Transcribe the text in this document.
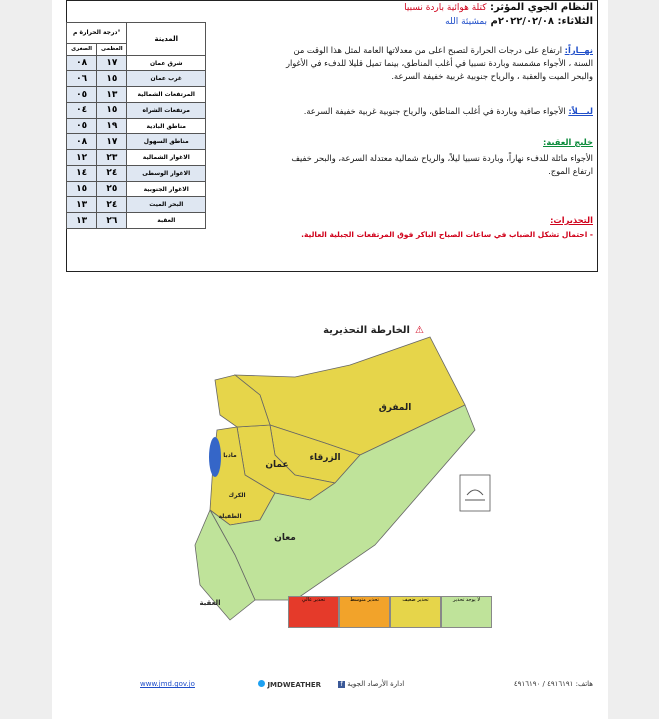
النظام الجوي المؤثر: كتلة هوائية باردة نسبيا
الثلاثاء: ٢٠٢٢/٠٢/٠٨م بمشيئة الله
درجة الحرارة م°		المدينة
الصغرى	العظمى	
٠٨	١٧	شرق عمان
٠٦	١٥	غرب عمان
٠٥	١٣	المرتفعات الشمالية
٠٤	١٥	مرتفعات الشراه
٠٥	١٩	مناطق البادية
٠٨	١٧	مناطق السهول
١٢	٢٣	الاغوار الشمالية
١٤	٢٤	الاغوار الوسطى
١٥	٢٥	الاغوار الجنوبية
١٣	٢٤	البحر الميت
١٣	٢٦	العقبة
نهــاراً: ارتفاع على درجات الحرارة لتصبح اعلى من معدلاتها العامة لمثل هذا الوقت من السنة ، الأجواء مشمسة وباردة نسبيا في أغلب المناطق، بينما تميل قليلا للدفء في الأغوار والبحر الميت والعقبة ، والرياح جنوبية غربية خفيفة السرعة.
ليـــلاً: الأجواء صافية وباردة في أغلب المناطق، والرياح جنوبية غربية خفيفة السرعة.
خليج العقبة:
الأجواء مائلة للدفء نهاراً، وباردة نسبيا ليلاً، والرياح شمالية معتدلة السرعة، والبحر خفيف ارتفاع الموج.
التحذيرات:
- احتمال تشكل الضباب في ساعات الصباح الباكر فوق المرتفعات الجبلية العالية.
الخارطة التحذيرية ⚠
المفرق
الزرقاء
عمان
معان
العقبة
الطفيلة
الكرك
مادبا
لا يوجد تحذير
تحذير ضعيف
تحذير متوسط
تحذير عالي
هاتف: ٤٩١٦١٩١ / ٤٩١٦١٩٠
f ادارة الأرصاد الجوية
JMDWEATHER
www.jmd.gov.jo
